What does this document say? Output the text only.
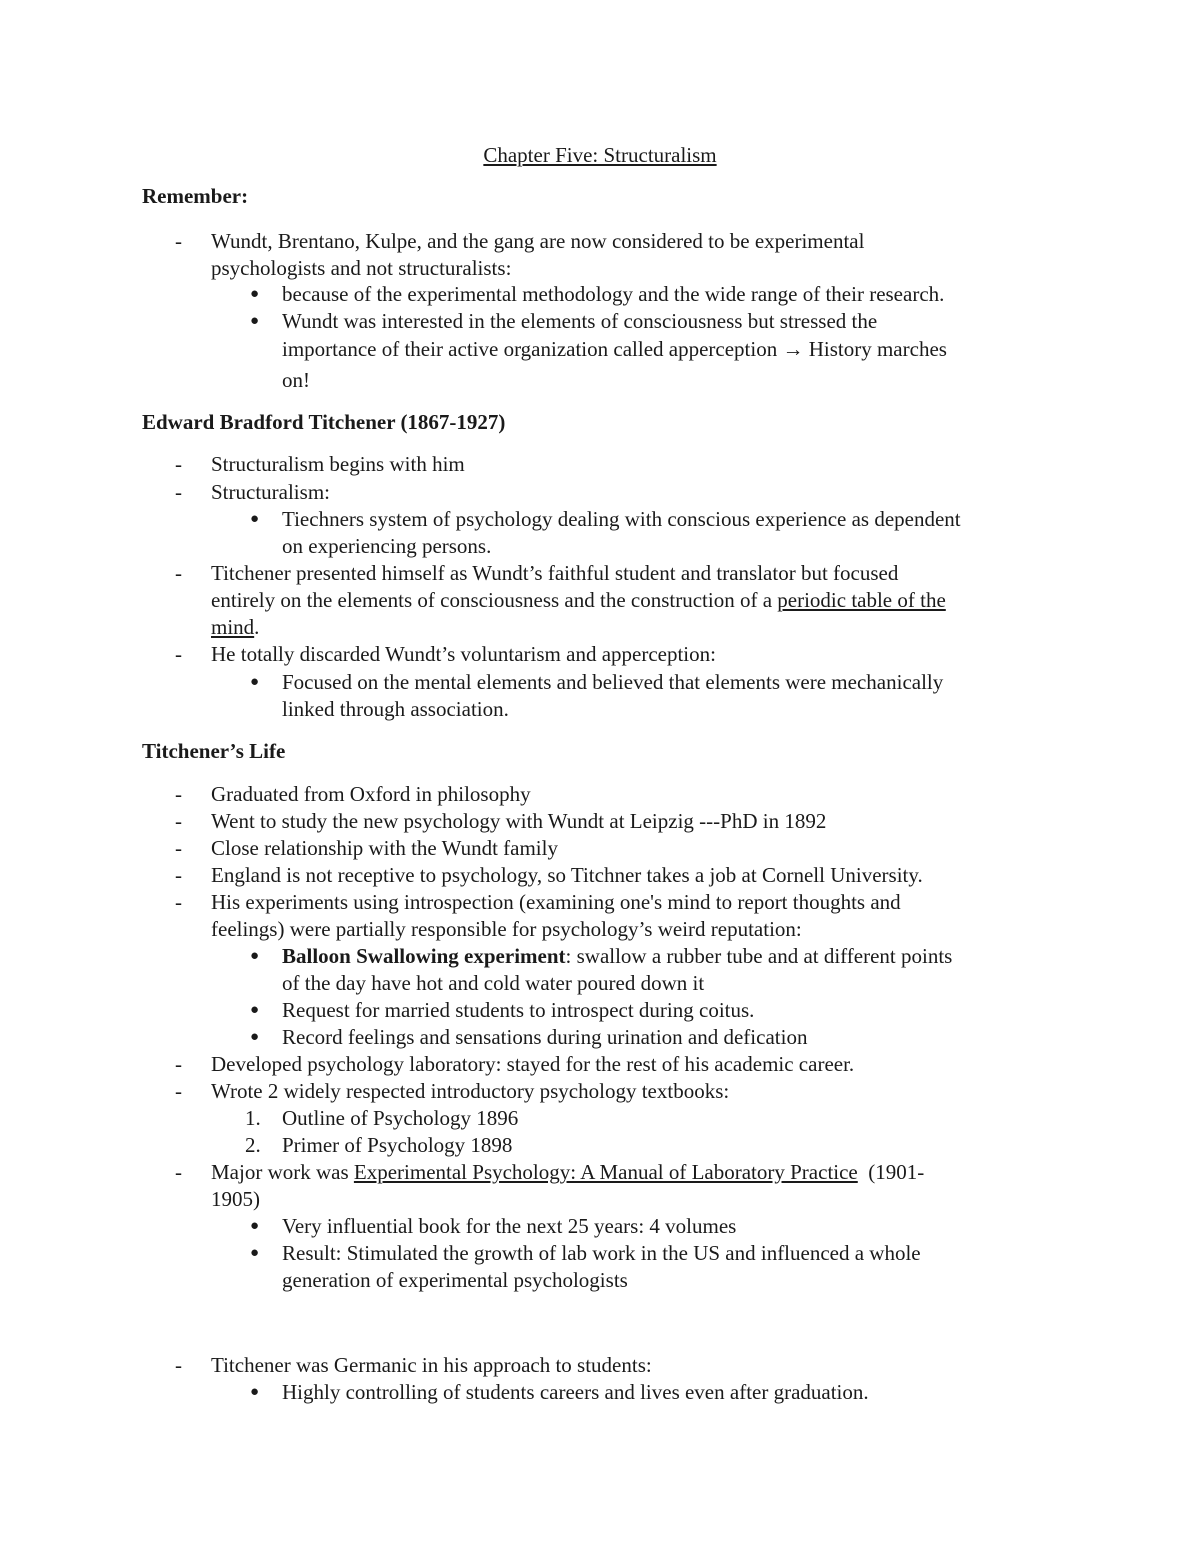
Chapter Five: Structuralism
Remember:
- Wundt, Brentano, Kulpe, and the gang are now considered to be experimental
psychologists and not structuralists:
● because of the experimental methodology and the wide range of their research.
● Wundt was interested in the elements of consciousness but stressed the
importance of their active organization called apperception → History marches
on!
Edward Bradford Titchener (1867-1927)
- Structuralism begins with him
- Structuralism:
● Tiechners system of psychology dealing with conscious experience as dependent
on experiencing persons.
- Titchener presented himself as Wundt’s faithful student and translator but focused
entirely on the elements of consciousness and the construction of a periodic table of the
mind.
- He totally discarded Wundt’s voluntarism and apperception:
● Focused on the mental elements and believed that elements were mechanically
linked through association.
Titchener’s Life
- Graduated from Oxford in philosophy
- Went to study the new psychology with Wundt at Leipzig ---PhD in 1892
- Close relationship with the Wundt family
- England is not receptive to psychology, so Titchner takes a job at Cornell University.
- His experiments using introspection (examining one's mind to report thoughts and
feelings) were partially responsible for psychology’s weird reputation:
● Balloon Swallowing experiment: swallow a rubber tube and at different points
of the day have hot and cold water poured down it
● Request for married students to introspect during coitus.
● Record feelings and sensations during urination and defication
- Developed psychology laboratory: stayed for the rest of his academic career.
- Wrote 2 widely respected introductory psychology textbooks:
1. Outline of Psychology 1896
2. Primer of Psychology 1898
- Major work was Experimental Psychology: A Manual of Laboratory Practice  (1901-
1905)
● Very influential book for the next 25 years: 4 volumes
● Result: Stimulated the growth of lab work in the US and influenced a whole
generation of experimental psychologists
- Titchener was Germanic in his approach to students:
● Highly controlling of students careers and lives even after graduation.
